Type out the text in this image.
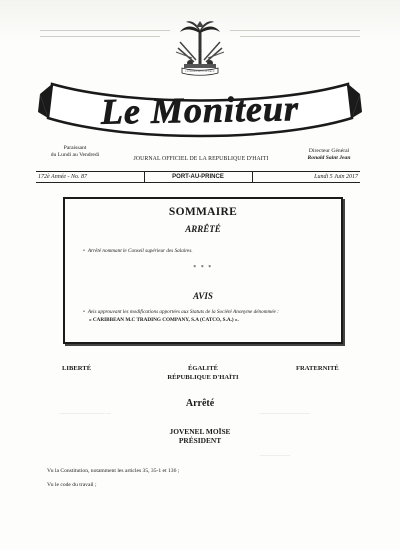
————————— —	——————————
——————
L'UNION FAIT LA FORCE
Le Moniteur
Paraissant
du Lundi au Vendredi
JOURNAL OFFICIEL DE LA REPUBLIQUE D'HAITI
Directeur Général
Ronald Saint Jean
172è Année - No. 87	PORT-AU-PRINCE	Lundi 5 Juin 2017
SOMMAIRE
ARRÊTÉ
• Arrêté nommant le Conseil supérieur des Salaires.
* * *
AVIS
• Avis approuvant les modifications apportées aux Statuts de la Société Anonyme dénommée :
« CARIBBEAN M.C TRADING COMPANY, S.A (CATCO, S.A.) ».
LIBERTÉ	ÉGALITÉ
RÉPUBLIQUE D'HAÏTI
FRATERNITÉ
Arrêté
JOVENEL MOÏSE
PRÉSIDENT
Vu la Constitution, notamment les articles 35, 35-1 et 136 ;
Vu le code du travail ;
